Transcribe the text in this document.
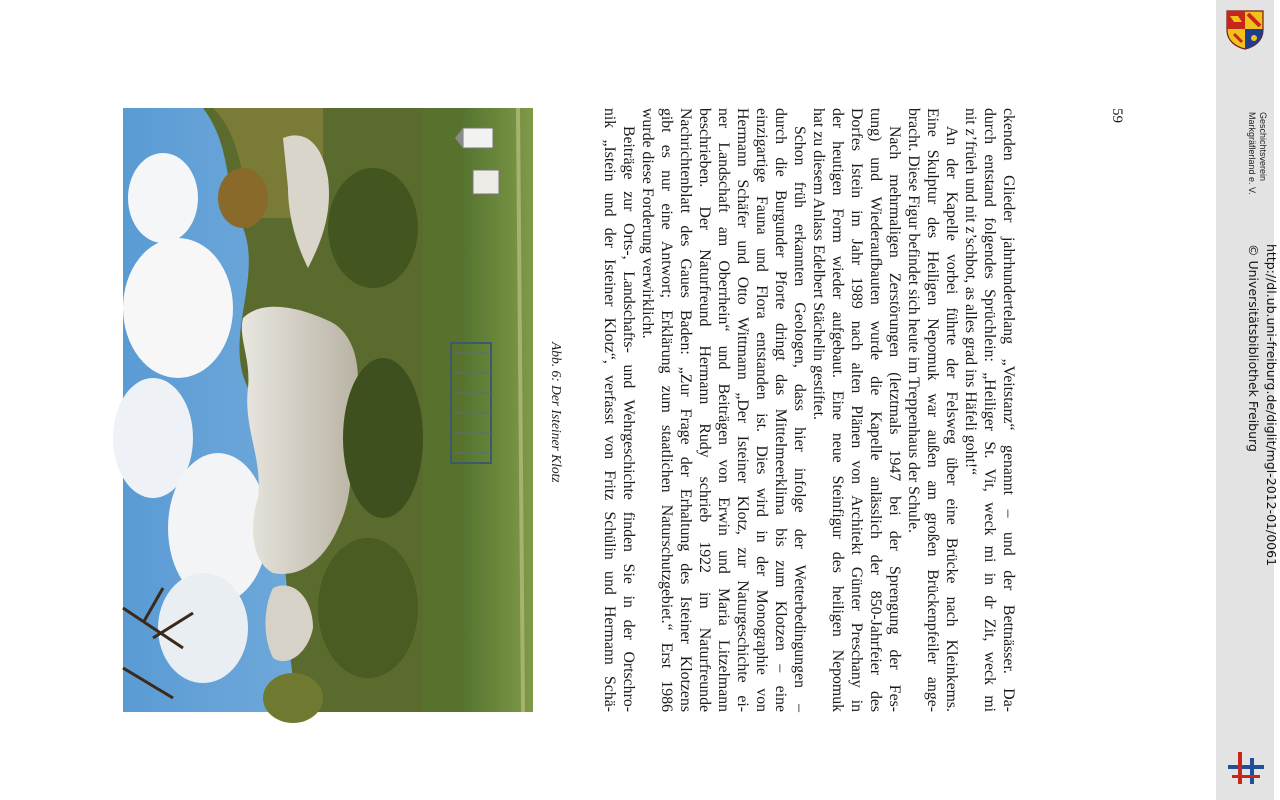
Geschichtsverein
Markgräflerland e. V.
http://dl.ub.uni-freiburg.de/diglit/mgl-2012-01/0061
© Universitätsbibliothek Freiburg
Abb. 6: Der Isteiner Klotz	ckenden Glieder jahrhundertelang „Veitstanz“ genannt – und der Bettnässer. Da-

durch entstand folgendes Sprüchlein: „Heiliger St. Vit, weck mi in dr Zit, weck mi

nit z’früeh und nit z’schbot, as alles grad ins Häfeli goht!“

An der Kapelle vorbei führte der Felsweg über eine Brücke nach Kleinkems.

Eine Skulptur des Heiligen Nepomuk war außen am großen Brückenpfeiler ange-

bracht. Diese Figur befindet sich heute im Treppenhaus der Schule.

Nach mehrmaligen Zerstörungen (letztmals 1947 bei der Sprengung der Fes-

tung) und Wiederaufbauten wurde die Kapelle anlässlich der 850-Jahrfeier des

Dorfes Istein im Jahr 1989 nach alten Plänen von Architekt Günter Preschany in

der heutigen Form wieder aufgebaut. Eine neue Steinfigur des heiligen Nepomuk

hat zu diesem Anlass Edelbert Stächelin gestiftet.

Schon früh erkannten Geologen, dass hier infolge der Wetterbedingungen –

durch die Burgunder Pforte dringt das Mittelmeerklima bis zum Klotzen – eine

einzigartige Fauna und Flora entstanden ist. Dies wird in der Monographie von

Hermann Schäfer und Otto Wittmann „Der Isteiner Klotz, zur Naturgeschichte ei-

ner Landschaft am Oberrhein“ und Beiträgen von Erwin und Maria Litzelmann

beschrieben. Der Naturfreund Hermann Rudy schrieb 1922 im Naturfreunde

Nachrichtenblatt des Gaues Baden: „Zur Frage der Erhaltung des Isteiner Klotzens

gibt es nur eine Antwort; Erklärung zum staatlichen Naturschutzgebiet.“ Erst 1986

wurde diese Forderung verwirklicht.

Beiträge zur Orts-, Landschafts- und Wehrgeschichte finden Sie in der Ortschro-

nik „Istein und der Isteiner Klotz“, verfasst von Fritz Schülin und Hermann Schä-	59
